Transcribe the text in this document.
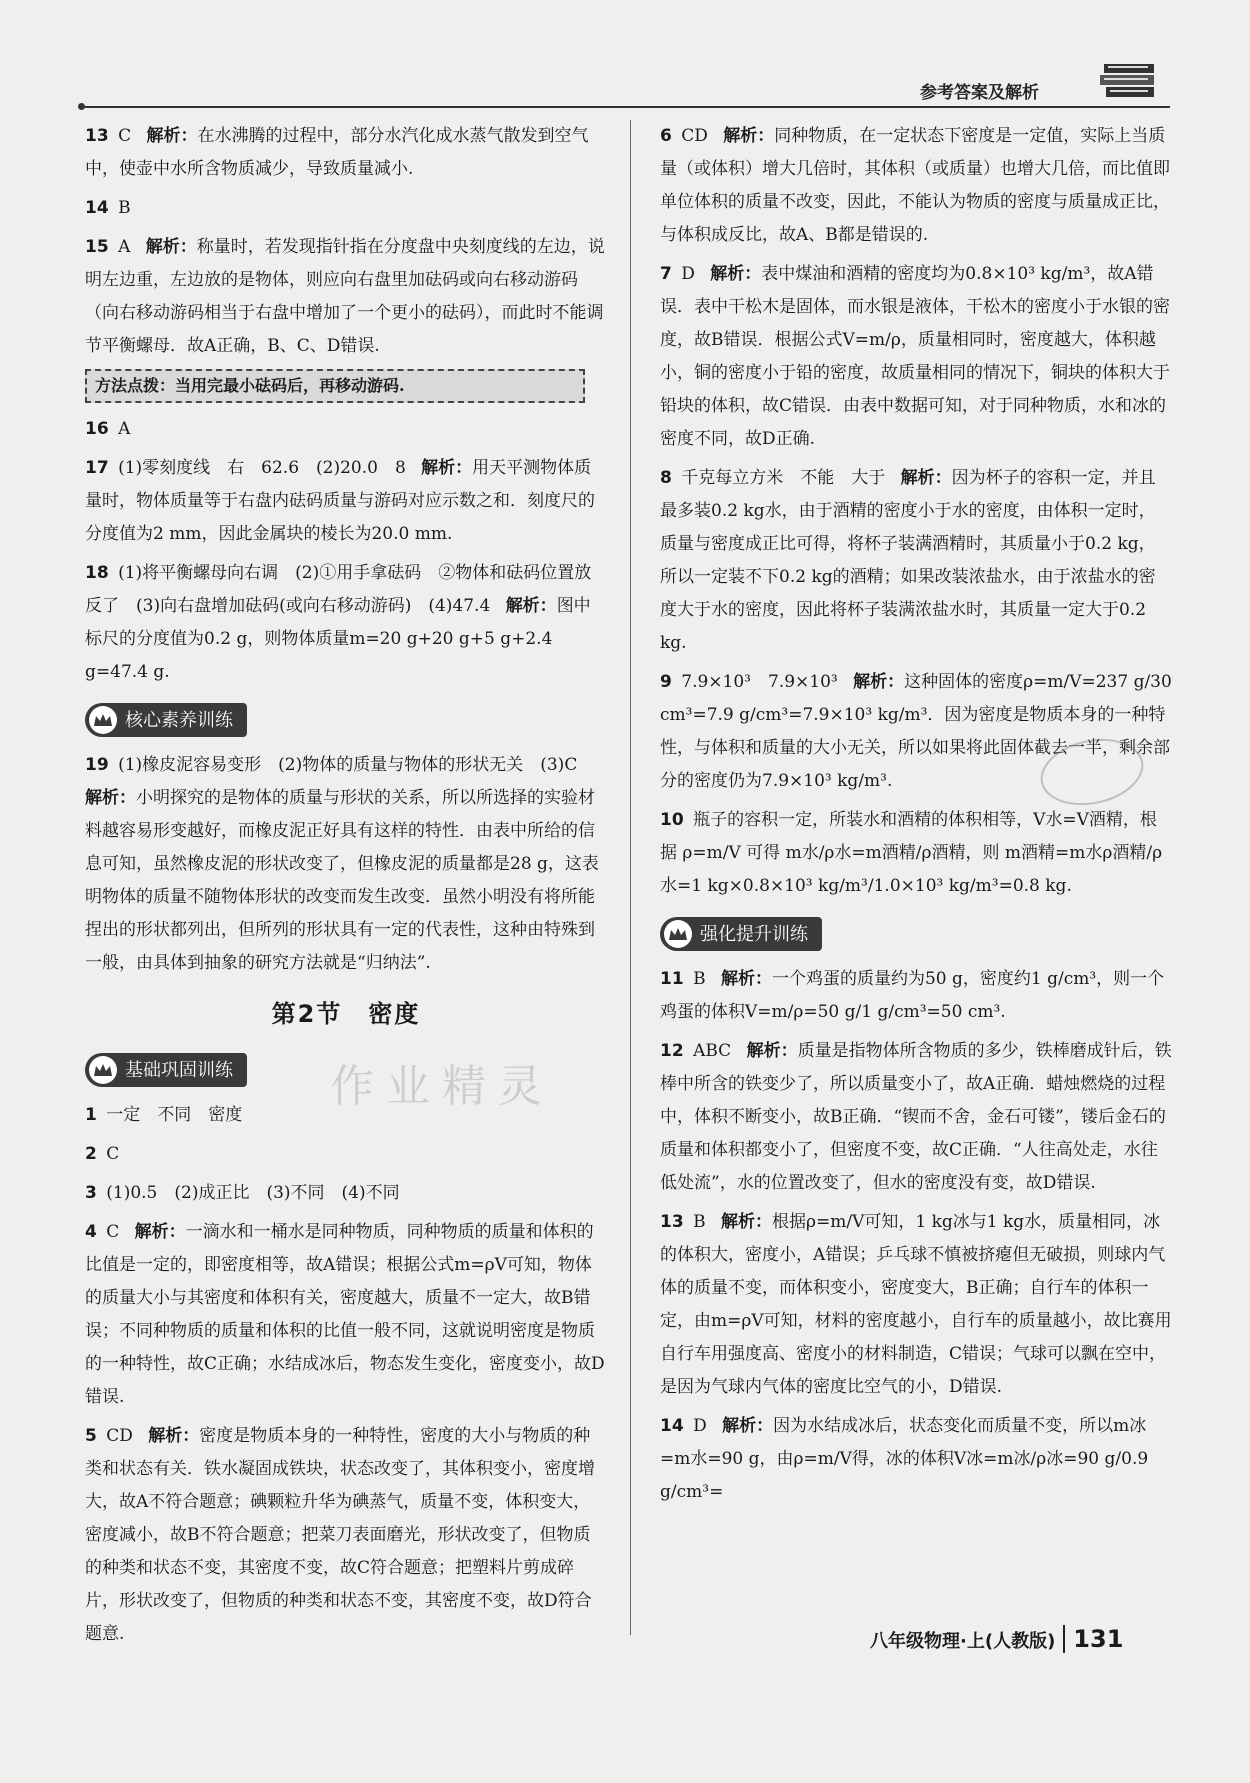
参考答案及解析
13 C 解析：在水沸腾的过程中，部分水汽化成水蒸气散发到空气中，使壶中水所含物质减少，导致质量减小.
14 B
15 A 解析：称量时，若发现指针指在分度盘中央刻度线的左边，说明左边重，左边放的是物体，则应向右盘里加砝码或向右移动游码（向右移动游码相当于右盘中增加了一个更小的砝码），而此时不能调节平衡螺母．故A正确，B、C、D错误.
方法点拨：当用完最小砝码后，再移动游码.
16 A
17 (1)零刻度线　右　62.6　(2)20.0　8 解析：用天平测物体质量时，物体质量等于右盘内砝码质量与游码对应示数之和．刻度尺的分度值为2 mm，因此金属块的棱长为20.0 mm.
18 (1)将平衡螺母向右调　(2)①用手拿砝码　②物体和砝码位置放反了　(3)向右盘增加砝码(或向右移动游码)　(4)47.4 解析：图中标尺的分度值为0.2 g，则物体质量m=20 g+20 g+5 g+2.4 g=47.4 g.
核心素养训练
19 (1)橡皮泥容易变形　(2)物体的质量与物体的形状无关　(3)C 解析：小明探究的是物体的质量与形状的关系，所以所选择的实验材料越容易形变越好，而橡皮泥正好具有这样的特性．由表中所给的信息可知，虽然橡皮泥的形状改变了，但橡皮泥的质量都是28 g，这表明物体的质量不随物体形状的改变而发生改变．虽然小明没有将所能捏出的形状都列出，但所列的形状具有一定的代表性，这种由特殊到一般，由具体到抽象的研究方法就是“归纳法”.
第2节 密度
基础巩固训练
1 一定　不同　密度
2 C
3 (1)0.5　(2)成正比　(3)不同　(4)不同
4 C 解析：一滴水和一桶水是同种物质，同种物质的质量和体积的比值是一定的，即密度相等，故A错误；根据公式m=ρV可知，物体的质量大小与其密度和体积有关，密度越大，质量不一定大，故B错误；不同种物质的质量和体积的比值一般不同，这就说明密度是物质的一种特性，故C正确；水结成冰后，物态发生变化，密度变小，故D错误.
5 CD 解析：密度是物质本身的一种特性，密度的大小与物质的种类和状态有关．铁水凝固成铁块，状态改变了，其体积变小，密度增大，故A不符合题意；碘颗粒升华为碘蒸气，质量不变，体积变大，密度减小，故B不符合题意；把菜刀表面磨光，形状改变了，但物质的种类和状态不变，其密度不变，故C符合题意；把塑料片剪成碎片，形状改变了，但物质的种类和状态不变，其密度不变，故D符合题意.
6 CD 解析：同种物质，在一定状态下密度是一定值，实际上当质量（或体积）增大几倍时，其体积（或质量）也增大几倍，而比值即单位体积的质量不改变，因此，不能认为物质的密度与质量成正比，与体积成反比，故A、B都是错误的.
7 D 解析：表中煤油和酒精的密度均为0.8×10³ kg/m³，故A错误．表中干松木是固体，而水银是液体，干松木的密度小于水银的密度，故B错误．根据公式V=m/ρ，质量相同时，密度越大，体积越小，铜的密度小于铅的密度，故质量相同的情况下，铜块的体积大于铅块的体积，故C错误．由表中数据可知，对于同种物质，水和冰的密度不同，故D正确.
8 千克每立方米　不能　大于 解析：因为杯子的容积一定，并且最多装0.2 kg水，由于酒精的密度小于水的密度，由体积一定时，质量与密度成正比可得，将杯子装满酒精时，其质量小于0.2 kg，所以一定装不下0.2 kg的酒精；如果改装浓盐水，由于浓盐水的密度大于水的密度，因此将杯子装满浓盐水时，其质量一定大于0.2 kg.
9 7.9×10³　7.9×10³ 解析：这种固体的密度ρ=m/V=237 g/30 cm³=7.9 g/cm³=7.9×10³ kg/m³．因为密度是物质本身的一种特性，与体积和质量的大小无关，所以如果将此固体截去一半，剩余部分的密度仍为7.9×10³ kg/m³.
10 瓶子的容积一定，所装水和酒精的体积相等，V水=V酒精，根据 ρ=m/V 可得 m水/ρ水=m酒精/ρ酒精，则 m酒精=m水ρ酒精/ρ水=1 kg×0.8×10³ kg/m³/1.0×10³ kg/m³=0.8 kg.
强化提升训练
11 B 解析：一个鸡蛋的质量约为50 g，密度约1 g/cm³，则一个鸡蛋的体积V=m/ρ=50 g/1 g/cm³=50 cm³.
12 ABC 解析：质量是指物体所含物质的多少，铁棒磨成针后，铁棒中所含的铁变少了，所以质量变小了，故A正确．蜡烛燃烧的过程中，体积不断变小，故B正确．“锲而不舍，金石可镂”，镂后金石的质量和体积都变小了，但密度不变，故C正确．“人往高处走，水往低处流”，水的位置改变了，但水的密度没有变，故D错误.
13 B 解析：根据ρ=m/V可知，1 kg冰与1 kg水，质量相同，冰的体积大，密度小，A错误；乒乓球不慎被挤瘪但无破损，则球内气体的质量不变，而体积变小，密度变大，B正确；自行车的体积一定，由m=ρV可知，材料的密度越小，自行车的质量越小，故比赛用自行车用强度高、密度小的材料制造，C错误；气球可以飘在空中，是因为气球内气体的密度比空气的小，D错误.
14 D 解析：因为水结成冰后，状态变化而质量不变，所以m冰=m水=90 g，由ρ=m/V得，冰的体积V冰=m冰/ρ冰=90 g/0.9 g/cm³=
作业精灵
八年级物理·上(人教版) 131
